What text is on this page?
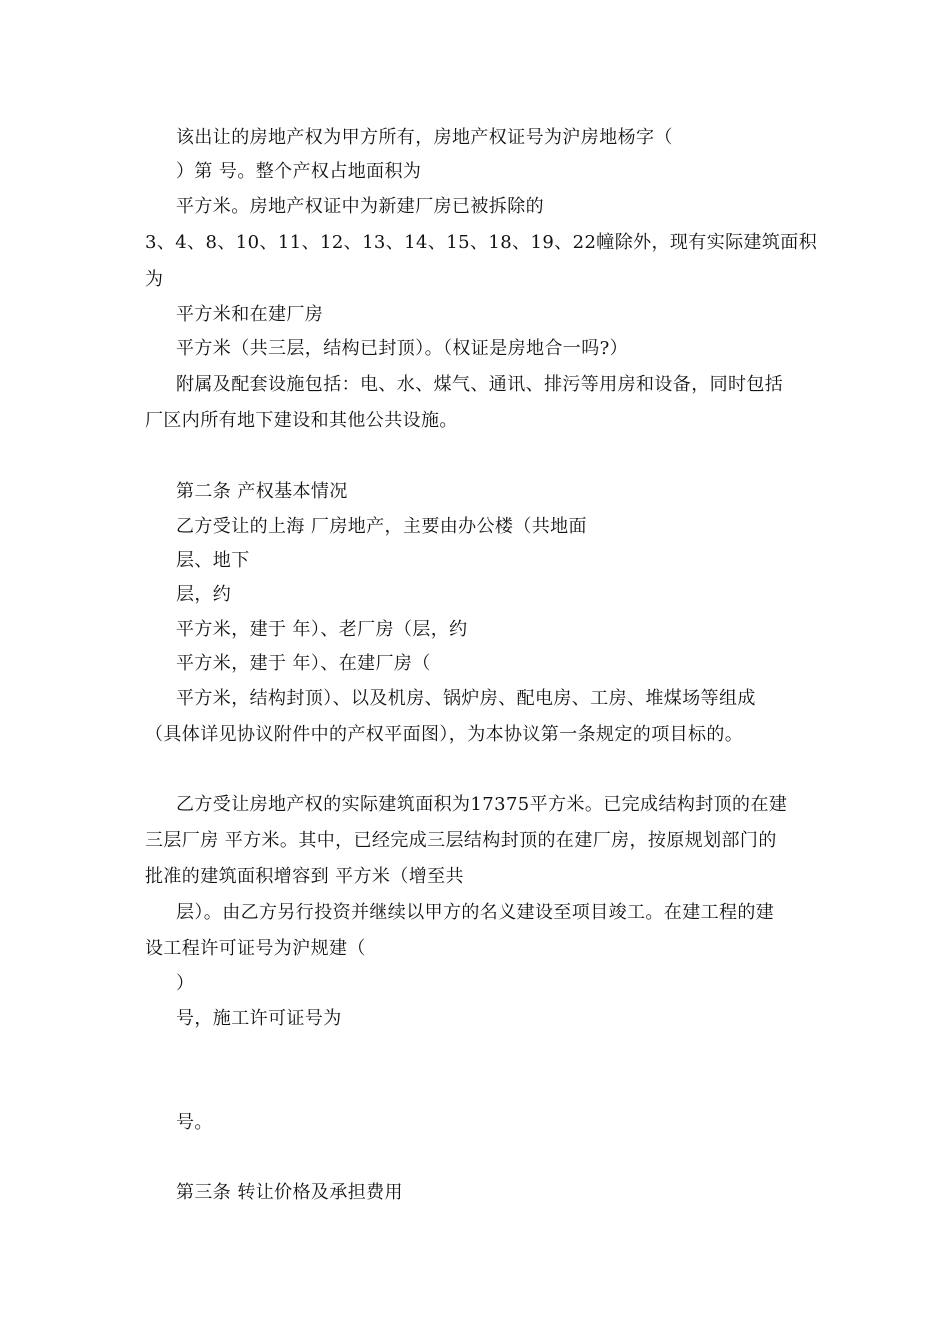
该出让的房地产权为甲方所有，房地产权证号为沪房地杨字（
）第 号。整个产权占地面积为
平方米。房地产权证中为新建厂房已被拆除的
3、4、8、10、11、12、13、14、15、18、19、22幢除外，现有实际建筑面积
为
平方米和在建厂房
平方米（共三层，结构已封顶）。（权证是房地合一吗?）
附属及配套设施包括：电、水、煤气、通讯、排污等用房和设备，同时包括
厂区内所有地下建设和其他公共设施。
第二条 产权基本情况
乙方受让的上海 厂房地产，主要由办公楼（共地面
层、地下
层，约
平方米，建于 年）、老厂房（层，约
平方米，建于 年）、在建厂房（
平方米，结构封顶）、以及机房、锅炉房、配电房、工房、堆煤场等组成
（具体详见协议附件中的产权平面图），为本协议第一条规定的项目标的。
乙方受让房地产权的实际建筑面积为17375平方米。已完成结构封顶的在建
三层厂房 平方米。其中，已经完成三层结构封顶的在建厂房，按原规划部门的
批准的建筑面积增容到 平方米（增至共
层）。由乙方另行投资并继续以甲方的名义建设至项目竣工。在建工程的建
设工程许可证号为沪规建（
）
号，施工许可证号为
号。
第三条 转让价格及承担费用
